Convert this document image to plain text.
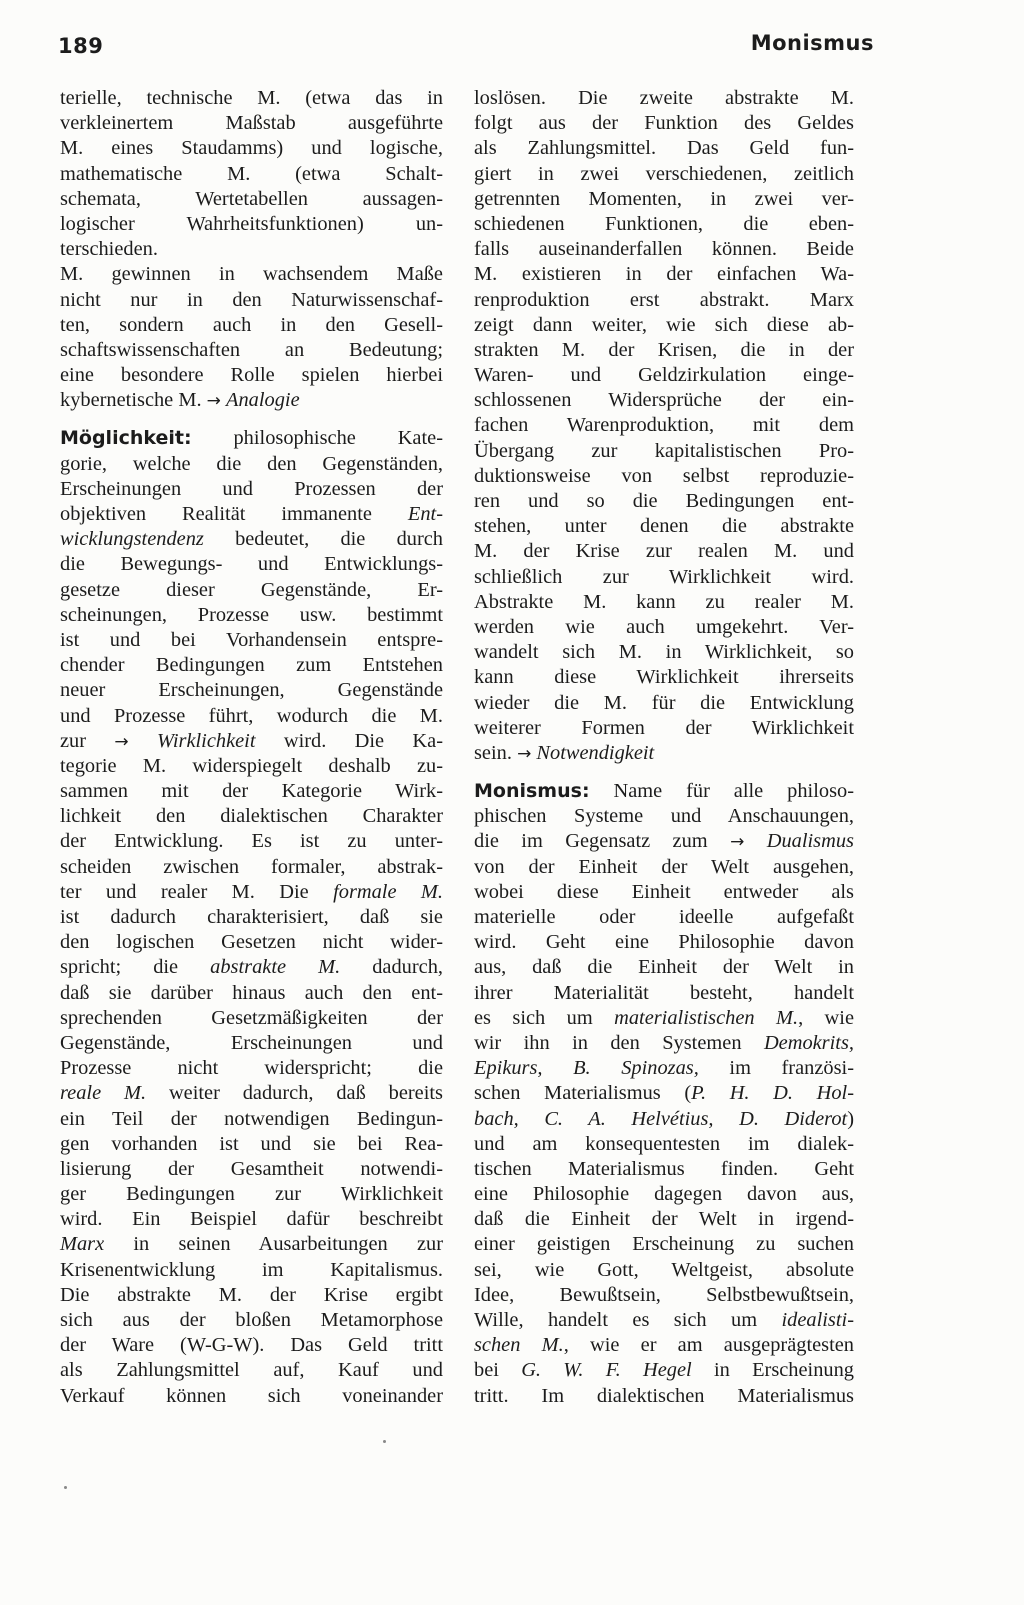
189	Monismus
terielle, technische M. (etwa das in
verkleinertem Maßstab ausgeführte
M. eines Staudamms) und logische,
mathematische M. (etwa Schalt-
schemata, Wertetabellen aussagen-
logischer Wahrheitsfunktionen) un-
terschieden.
M. gewinnen in wachsendem Maße
nicht nur in den Naturwissenschaf-
ten, sondern auch in den Gesell-
schaftswissenschaften an Bedeutung;
eine besondere Rolle spielen hierbei
kybernetische M. → Analogie
Möglichkeit: philosophische Kate-
gorie, welche die den Gegenständen,
Erscheinungen und Prozessen der
objektiven Realität immanente Ent-
wicklungstendenz bedeutet, die durch
die Bewegungs- und Entwicklungs-
gesetze dieser Gegenstände, Er-
scheinungen, Prozesse usw. bestimmt
ist und bei Vorhandensein entspre-
chender Bedingungen zum Entstehen
neuer Erscheinungen, Gegenstände
und Prozesse führt, wodurch die M.
zur → Wirklichkeit wird. Die Ka-
tegorie M. widerspiegelt deshalb zu-
sammen mit der Kategorie Wirk-
lichkeit den dialektischen Charakter
der Entwicklung. Es ist zu unter-
scheiden zwischen formaler, abstrak-
ter und realer M. Die formale M.
ist dadurch charakterisiert, daß sie
den logischen Gesetzen nicht wider-
spricht; die abstrakte M. dadurch,
daß sie darüber hinaus auch den ent-
sprechenden Gesetzmäßigkeiten der
Gegenstände, Erscheinungen und
Prozesse nicht widerspricht; die
reale M. weiter dadurch, daß bereits
ein Teil der notwendigen Bedingun-
gen vorhanden ist und sie bei Rea-
lisierung der Gesamtheit notwendi-
ger Bedingungen zur Wirklichkeit
wird. Ein Beispiel dafür beschreibt
Marx in seinen Ausarbeitungen zur
Krisenentwicklung im Kapitalismus.
Die abstrakte M. der Krise ergibt
sich aus der bloßen Metamorphose
der Ware (W-G-W). Das Geld tritt
als Zahlungsmittel auf, Kauf und
Verkauf können sich voneinander
loslösen. Die zweite abstrakte M.
folgt aus der Funktion des Geldes
als Zahlungsmittel. Das Geld fun-
giert in zwei verschiedenen, zeitlich
getrennten Momenten, in zwei ver-
schiedenen Funktionen, die eben-
falls auseinanderfallen können. Beide
M. existieren in der einfachen Wa-
renproduktion erst abstrakt. Marx
zeigt dann weiter, wie sich diese ab-
strakten M. der Krisen, die in der
Waren- und Geldzirkulation einge-
schlossenen Widersprüche der ein-
fachen Warenproduktion, mit dem
Übergang zur kapitalistischen Pro-
duktionsweise von selbst reproduzie-
ren und so die Bedingungen ent-
stehen, unter denen die abstrakte
M. der Krise zur realen M. und
schließlich zur Wirklichkeit wird.
Abstrakte M. kann zu realer M.
werden wie auch umgekehrt. Ver-
wandelt sich M. in Wirklichkeit, so
kann diese Wirklichkeit ihrerseits
wieder die M. für die Entwicklung
weiterer Formen der Wirklichkeit
sein. → Notwendigkeit
Monismus: Name für alle philoso-
phischen Systeme und Anschauungen,
die im Gegensatz zum → Dualismus
von der Einheit der Welt ausgehen,
wobei diese Einheit entweder als
materielle oder ideelle aufgefaßt
wird. Geht eine Philosophie davon
aus, daß die Einheit der Welt in
ihrer Materialität besteht, handelt
es sich um materialistischen M., wie
wir ihn in den Systemen Demokrits,
Epikurs, B. Spinozas, im französi-
schen Materialismus (P. H. D. Hol-
bach, C. A. Helvétius, D. Diderot)
und am konsequentesten im dialek-
tischen Materialismus finden. Geht
eine Philosophie dagegen davon aus,
daß die Einheit der Welt in irgend-
einer geistigen Erscheinung zu suchen
sei, wie Gott, Weltgeist, absolute
Idee, Bewußtsein, Selbstbewußtsein,
Wille, handelt es sich um idealisti-
schen M., wie er am ausgeprägtesten
bei G. W. F. Hegel in Erscheinung
tritt. Im dialektischen Materialismus
